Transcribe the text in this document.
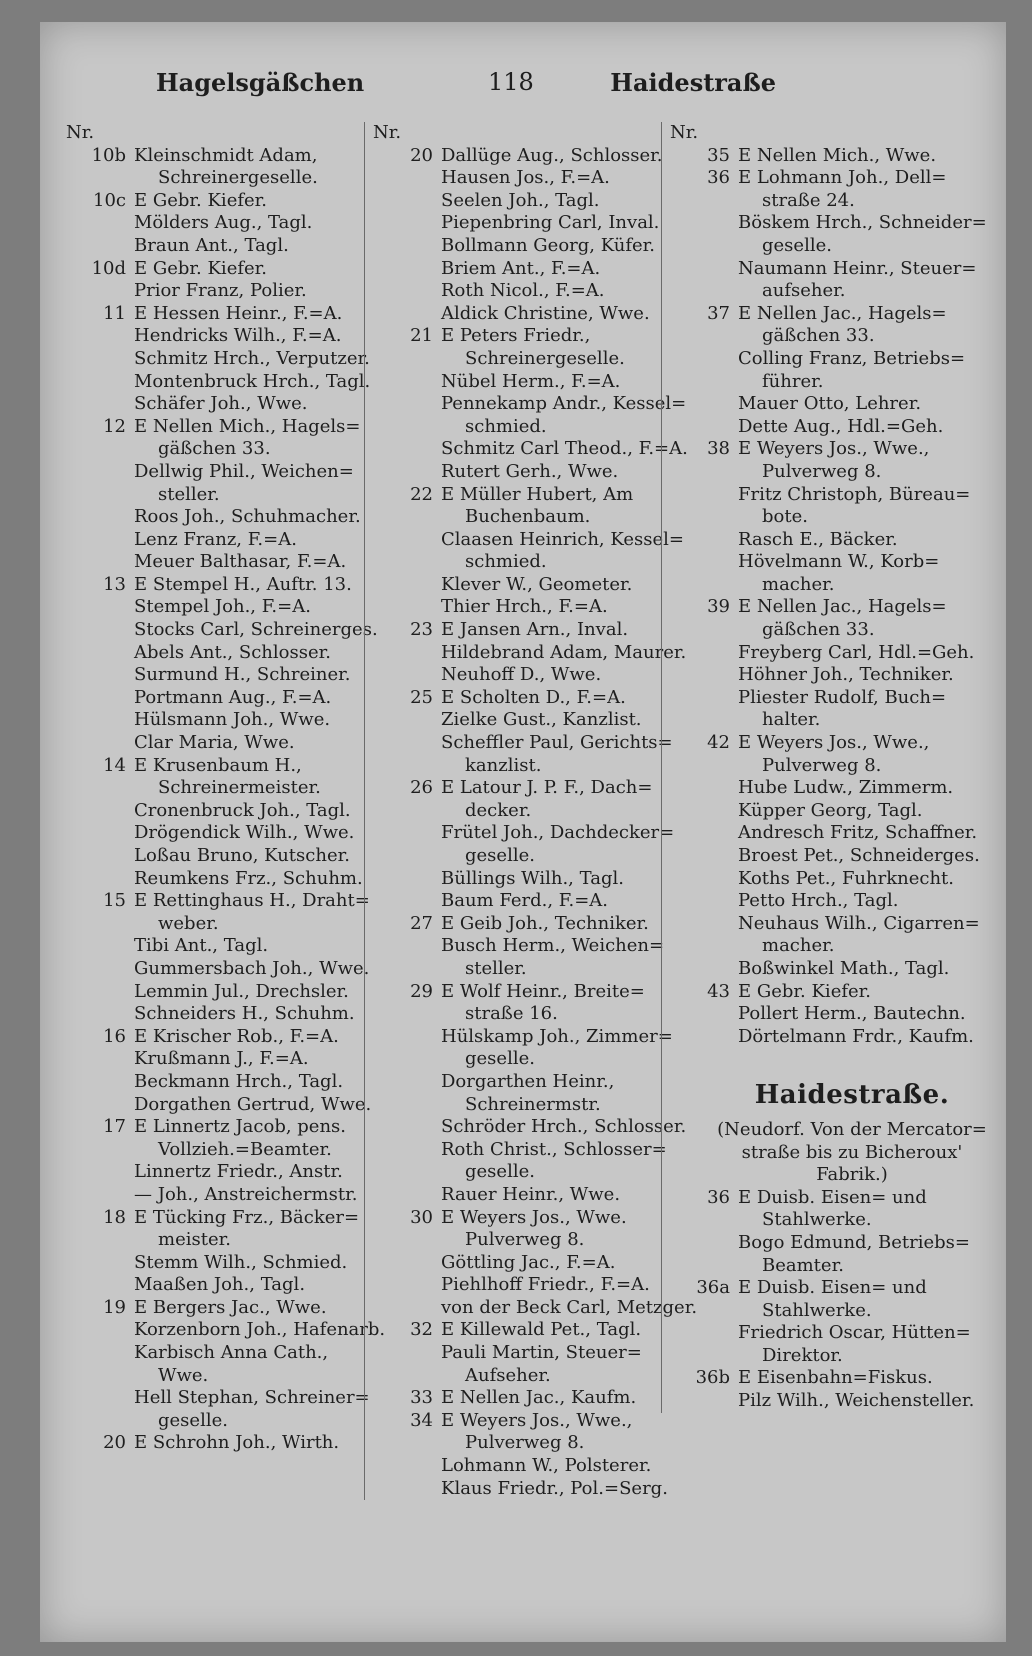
Hagelsgäßchen	118	Haidestraße
Nr.
10b Kleinschmidt Adam,
Schreinergeselle.
10c E Gebr. Kiefer.
Mölders Aug., Tagl.
Braun Ant., Tagl.
10d E Gebr. Kiefer.
Prior Franz, Polier.
11 E Hessen Heinr., F.=A.
Hendricks Wilh., F.=A.
Schmitz Hrch., Verputzer.
Montenbruck Hrch., Tagl.
Schäfer Joh., Wwe.
12 E Nellen Mich., Hagels=
gäßchen 33.
Dellwig Phil., Weichen=
steller.
Roos Joh., Schuhmacher.
Lenz Franz, F.=A.
Meuer Balthasar, F.=A.
13 E Stempel H., Auftr. 13.
Stempel Joh., F.=A.
Stocks Carl, Schreinerges.
Abels Ant., Schlosser.
Surmund H., Schreiner.
Portmann Aug., F.=A.
Hülsmann Joh., Wwe.
Clar Maria, Wwe.
14 E Krusenbaum H.,
Schreinermeister.
Cronenbruck Joh., Tagl.
Drögendick Wilh., Wwe.
Loßau Bruno, Kutscher.
Reumkens Frz., Schuhm.
15 E Rettinghaus H., Draht=
weber.
Tibi Ant., Tagl.
Gummersbach Joh., Wwe.
Lemmin Jul., Drechsler.
Schneiders H., Schuhm.
16 E Krischer Rob., F.=A.
Krußmann J., F.=A.
Beckmann Hrch., Tagl.
Dorgathen Gertrud, Wwe.
17 E Linnertz Jacob, pens.
Vollzieh.=Beamter.
Linnertz Friedr., Anstr.
— Joh., Anstreichermstr.
18 E Tücking Frz., Bäcker=
meister.
Stemm Wilh., Schmied.
Maaßen Joh., Tagl.
19 E Bergers Jac., Wwe.
Korzenborn Joh., Hafenarb.
Karbisch Anna Cath.,
Wwe.
Hell Stephan, Schreiner=
geselle.
20 E Schrohn Joh., Wirth.
Nr.
20 Dallüge Aug., Schlosser.
Hausen Jos., F.=A.
Seelen Joh., Tagl.
Piepenbring Carl, Inval.
Bollmann Georg, Küfer.
Briem Ant., F.=A.
Roth Nicol., F.=A.
Aldick Christine, Wwe.
21 E Peters Friedr.,
Schreinergeselle.
Nübel Herm., F.=A.
Pennekamp Andr., Kessel=
schmied.
Schmitz Carl Theod., F.=A.
Rutert Gerh., Wwe.
22 E Müller Hubert, Am
Buchenbaum.
Claasen Heinrich, Kessel=
schmied.
Klever W., Geometer.
Thier Hrch., F.=A.
23 E Jansen Arn., Inval.
Hildebrand Adam, Maurer.
Neuhoff D., Wwe.
25 E Scholten D., F.=A.
Zielke Gust., Kanzlist.
Scheffler Paul, Gerichts=
kanzlist.
26 E Latour J. P. F., Dach=
decker.
Frütel Joh., Dachdecker=
geselle.
Büllings Wilh., Tagl.
Baum Ferd., F.=A.
27 E Geib Joh., Techniker.
Busch Herm., Weichen=
steller.
29 E Wolf Heinr., Breite=
straße 16.
Hülskamp Joh., Zimmer=
geselle.
Dorgarthen Heinr.,
Schreinermstr.
Schröder Hrch., Schlosser.
Roth Christ., Schlosser=
geselle.
Rauer Heinr., Wwe.
30 E Weyers Jos., Wwe.
Pulverweg 8.
Göttling Jac., F.=A.
Piehlhoff Friedr., F.=A.
von der Beck Carl, Metzger.
32 E Killewald Pet., Tagl.
Pauli Martin, Steuer=
Aufseher.
33 E Nellen Jac., Kaufm.
34 E Weyers Jos., Wwe.,
Pulverweg 8.
Lohmann W., Polsterer.
Klaus Friedr., Pol.=Serg.
Nr.
35 E Nellen Mich., Wwe.
36 E Lohmann Joh., Dell=
straße 24.
Böskem Hrch., Schneider=
geselle.
Naumann Heinr., Steuer=
aufseher.
37 E Nellen Jac., Hagels=
gäßchen 33.
Colling Franz, Betriebs=
führer.
Mauer Otto, Lehrer.
Dette Aug., Hdl.=Geh.
38 E Weyers Jos., Wwe.,
Pulverweg 8.
Fritz Christoph, Büreau=
bote.
Rasch E., Bäcker.
Hövelmann W., Korb=
macher.
39 E Nellen Jac., Hagels=
gäßchen 33.
Freyberg Carl, Hdl.=Geh.
Höhner Joh., Techniker.
Pliester Rudolf, Buch=
halter.
42 E Weyers Jos., Wwe.,
Pulverweg 8.
Hube Ludw., Zimmerm.
Küpper Georg, Tagl.
Andresch Fritz, Schaffner.
Broest Pet., Schneiderges.
Koths Pet., Fuhrknecht.
Petto Hrch., Tagl.
Neuhaus Wilh., Cigarren=
macher.
Boßwinkel Math., Tagl.
43 E Gebr. Kiefer.
Pollert Herm., Bautechn.
Dörtelmann Frdr., Kaufm.
Haidestraße.
(Neudorf. Von der Mercator=
straße bis zu Bicheroux'
Fabrik.)
36 E Duisb. Eisen= und
Stahlwerke.
Bogo Edmund, Betriebs=
Beamter.
36a E Duisb. Eisen= und
Stahlwerke.
Friedrich Oscar, Hütten=
Direktor.
36b E Eisenbahn=Fiskus.
Pilz Wilh., Weichensteller.
